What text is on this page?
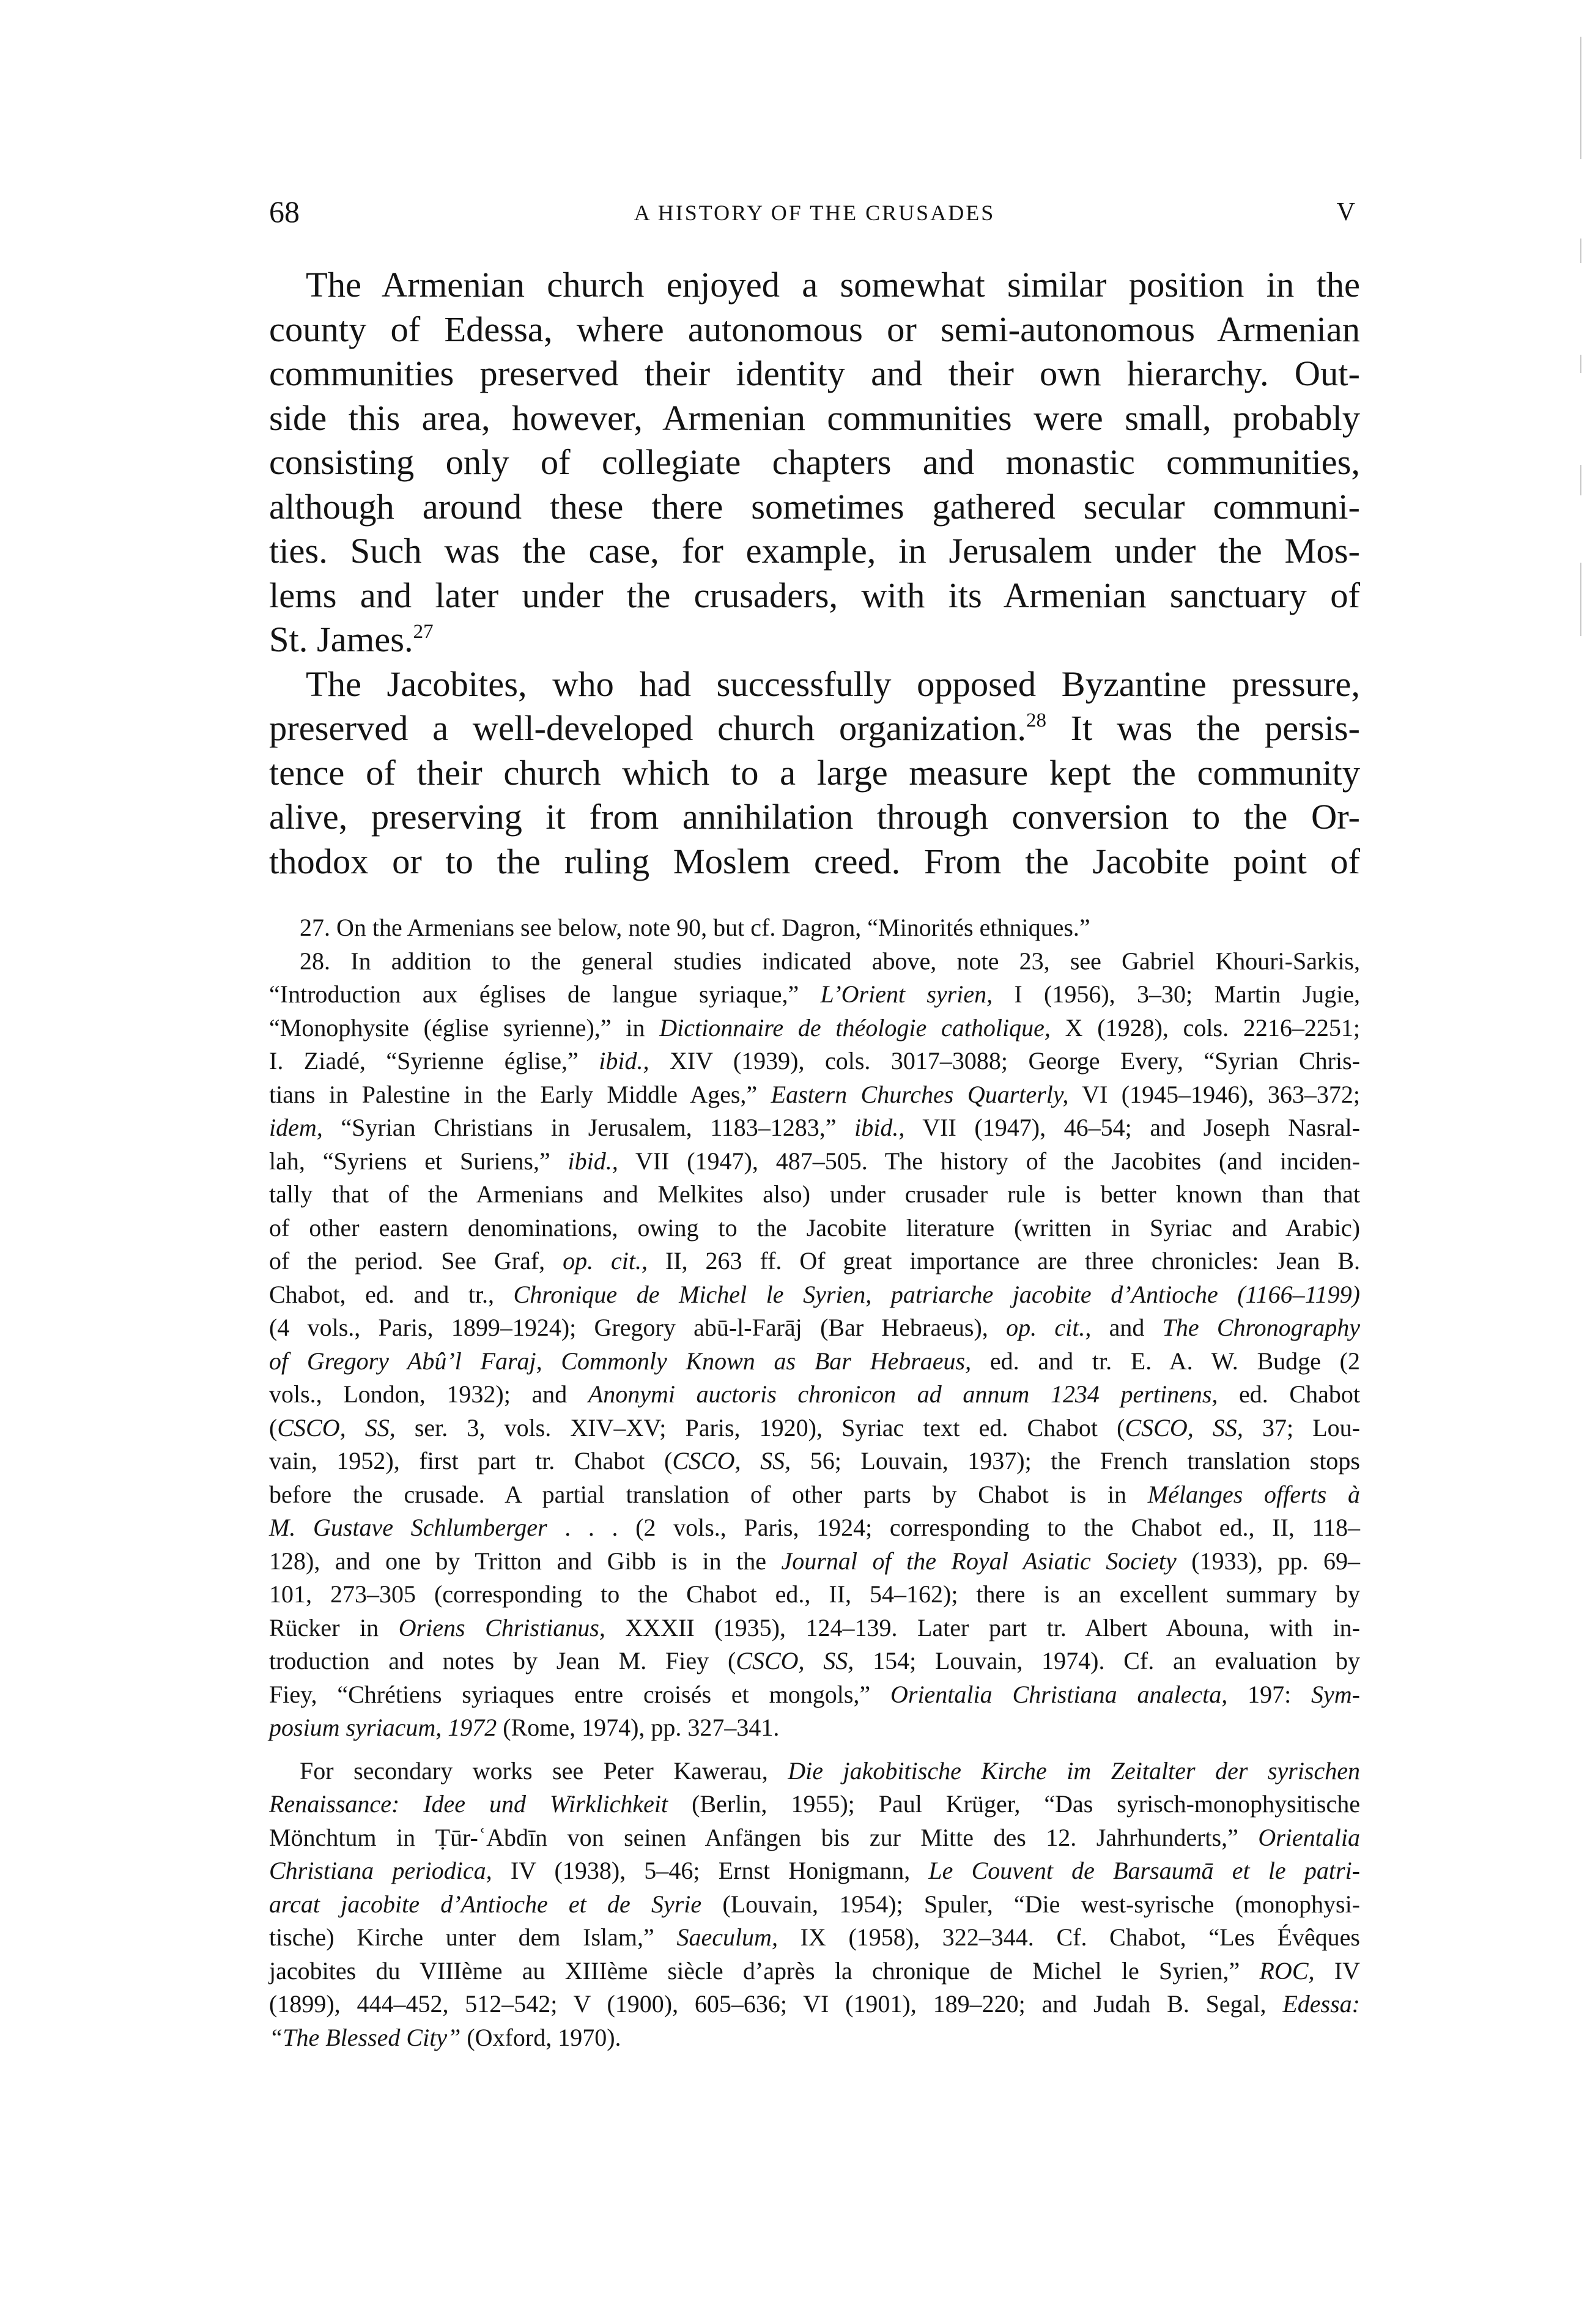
68	A HISTORY OF THE CRUSADES	V
The Armenian church enjoyed a somewhat similar position in the
county of Edessa, where autonomous or semi-autonomous Armenian
communities preserved their identity and their own hierarchy. Out-
side this area, however, Armenian communities were small, probably
consisting only of collegiate chapters and monastic communities,
although around these there sometimes gathered secular communi-
ties. Such was the case, for example, in Jerusalem under the Mos-
lems and later under the crusaders, with its Armenian sanctuary of
St. James.$^{27}$
The Jacobites, who had successfully opposed Byzantine pressure,
preserved a well-developed church organization.$^{28}$ It was the persis-
tence of their church which to a large measure kept the community
alive, preserving it from annihilation through conversion to the Or-
thodox or to the ruling Moslem creed. From the Jacobite point of
27. On the Armenians see below, note 90, but cf. Dagron, “Minorités ethniques.”
28. In addition to the general studies indicated above, note 23, see Gabriel Khouri-Sarkis,
“Introduction aux églises de langue syriaque,” L’Orient syrien, I (1956), 3–30; Martin Jugie,
“Monophysite (église syrienne),” in Dictionnaire de théologie catholique, X (1928), cols. 2216–2251;
I. Ziadé, “Syrienne église,” ibid., XIV (1939), cols. 3017–3088; George Every, “Syrian Chris-
tians in Palestine in the Early Middle Ages,” Eastern Churches Quarterly, VI (1945–1946), 363–372;
idem, “Syrian Christians in Jerusalem, 1183–1283,” ibid., VII (1947), 46–54; and Joseph Nasral-
lah, “Syriens et Suriens,” ibid., VII (1947), 487–505. The history of the Jacobites (and inciden-
tally that of the Armenians and Melkites also) under crusader rule is better known than that
of other eastern denominations, owing to the Jacobite literature (written in Syriac and Arabic)
of the period. See Graf, op. cit., II, 263 ff. Of great importance are three chronicles: Jean B.
Chabot, ed. and tr., Chronique de Michel le Syrien, patriarche jacobite d’Antioche (1166–1199)
(4 vols., Paris, 1899–1924); Gregory abū-l-Farāj (Bar Hebraeus), op. cit., and The Chronography
of Gregory Abû’l Faraj, Commonly Known as Bar Hebraeus, ed. and tr. E. A. W. Budge (2
vols., London, 1932); and Anonymi auctoris chronicon ad annum 1234 pertinens, ed. Chabot
(CSCO, SS, ser. 3, vols. XIV–XV; Paris, 1920), Syriac text ed. Chabot (CSCO, SS, 37; Lou-
vain, 1952), first part tr. Chabot (CSCO, SS, 56; Louvain, 1937); the French translation stops
before the crusade. A partial translation of other parts by Chabot is in Mélanges offerts à
M. Gustave Schlumberger . . . (2 vols., Paris, 1924; corresponding to the Chabot ed., II, 118–
128), and one by Tritton and Gibb is in the Journal of the Royal Asiatic Society (1933), pp. 69–
101, 273–305 (corresponding to the Chabot ed., II, 54–162); there is an excellent summary by
Rücker in Oriens Christianus, XXXII (1935), 124–139. Later part tr. Albert Abouna, with in-
troduction and notes by Jean M. Fiey (CSCO, SS, 154; Louvain, 1974). Cf. an evaluation by
Fiey, “Chrétiens syriaques entre croisés et mongols,” Orientalia Christiana analecta, 197: Sym-
posium syriacum, 1972 (Rome, 1974), pp. 327–341.
For secondary works see Peter Kawerau, Die jakobitische Kirche im Zeitalter der syrischen
Renaissance: Idee und Wirklichkeit (Berlin, 1955); Paul Krüger, “Das syrisch-monophysitische
Mönchtum in Ṭūr-ʿAbdīn von seinen Anfängen bis zur Mitte des 12. Jahrhunderts,” Orientalia
Christiana periodica, IV (1938), 5–46; Ernst Honigmann, Le Couvent de Barsaumā et le patri-
arcat jacobite d’Antioche et de Syrie (Louvain, 1954); Spuler, “Die west-syrische (monophysi-
tische) Kirche unter dem Islam,” Saeculum, IX (1958), 322–344. Cf. Chabot, “Les Évêques
jacobites du VIIIème au XIIIème siècle d’après la chronique de Michel le Syrien,” ROC, IV
(1899), 444–452, 512–542; V (1900), 605–636; VI (1901), 189–220; and Judah B. Segal, Edessa:
“The Blessed City” (Oxford, 1970).
